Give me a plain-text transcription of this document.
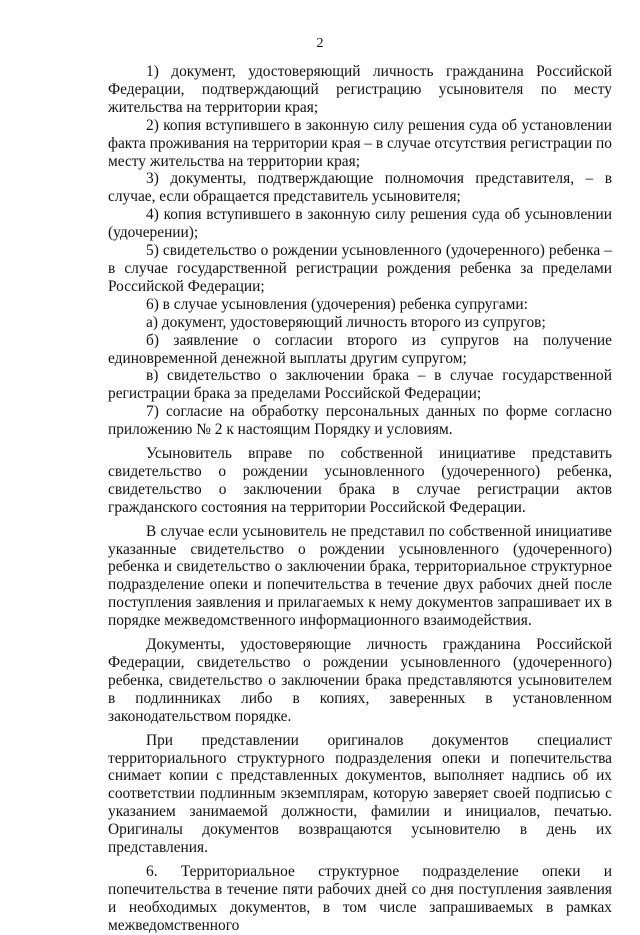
2

1) документ, удостоверяющий личность гражданина Российской Федерации, подтверждающий регистрацию усыновителя по месту жительства на территории края;

2) копия вступившего в законную силу решения суда об установлении факта проживания на территории края – в случае отсутствия регистрации по месту жительства на территории края;

3) документы, подтверждающие полномочия представителя, – в случае, если обращается представитель усыновителя;

4) копия вступившего в законную силу решения суда об усыновлении (удочерении);

5) свидетельство о рождении усыновленного (удочеренного) ребенка – в случае государственной регистрации рождения ребенка за пределами Российской Федерации;

6) в случае усыновления (удочерения) ребенка супругами:

а) документ, удостоверяющий личность второго из супругов;

б) заявление о согласии второго из супругов на получение единовременной денежной выплаты другим супругом;

в) свидетельство о заключении брака – в случае государственной регистрации брака за пределами Российской Федерации;

7) согласие на обработку персональных данных по форме согласно приложению № 2 к настоящим Порядку и условиям.

Усыновитель вправе по собственной инициативе представить свидетельство о рождении усыновленного (удочеренного) ребенка, свидетельство о заключении брака в случае регистрации актов гражданского состояния на территории Российской Федерации.

В случае если усыновитель не представил по собственной инициативе указанные свидетельство о рождении усыновленного (удочеренного) ребенка и свидетельство о заключении брака, территориальное структурное подразделение опеки и попечительства в течение двух рабочих дней после поступления заявления и прилагаемых к нему документов запрашивает их в порядке межведомственного информационного взаимодействия.

Документы, удостоверяющие личность гражданина Российской Федерации, свидетельство о рождении усыновленного (удочеренного) ребенка, свидетельство о заключении брака представляются усыновителем в подлинниках либо в копиях, заверенных в установленном законодательством порядке.

При представлении оригиналов документов специалист территориального структурного подразделения опеки и попечительства снимает копии с представленных документов, выполняет надпись об их соответствии подлинным экземплярам, которую заверяет своей подписью с указанием занимаемой должности, фамилии и инициалов, печатью. Оригиналы документов возвращаются усыновителю в день их представления.

6. Территориальное структурное подразделение опеки и попечительства в течение пяти рабочих дней со дня поступления заявления и необходимых документов, в том числе запрашиваемых в рамках межведомственного
